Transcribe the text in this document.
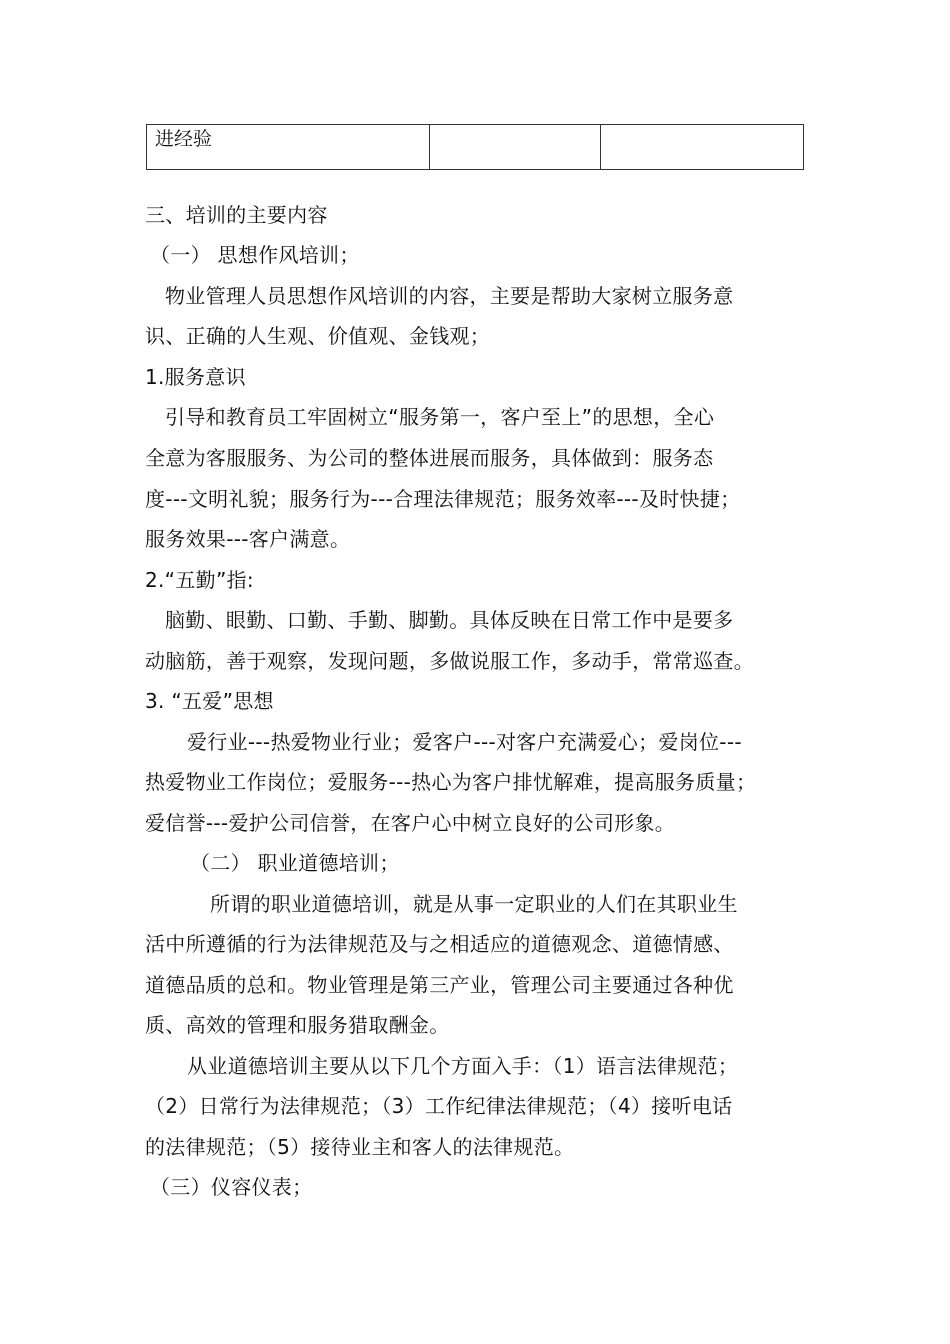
进经验		
三、培训的主要内容
（一） 思想作风培训；
物业管理人员思想作风培训的内容，主要是帮助大家树立服务意
识、正确的人生观、价值观、金钱观；
1.服务意识
引导和教育员工牢固树立“服务第一，客户至上”的思想，全心
全意为客服服务、为公司的整体进展而服务，具体做到：服务态
度---文明礼貌；服务行为---合理法律规范；服务效率---及时快捷；
服务效果---客户满意。
2.“五勤”指:
脑勤、眼勤、口勤、手勤、脚勤。具体反映在日常工作中是要多
动脑筋，善于观察，发现问题，多做说服工作，多动手，常常巡查。
3. “五爱”思想
爱行业---热爱物业行业；爱客户---对客户充满爱心；爱岗位---
热爱物业工作岗位；爱服务---热心为客户排忧解难，提高服务质量；
爱信誉---爱护公司信誉，在客户心中树立良好的公司形象。
（二） 职业道德培训；
所谓的职业道德培训，就是从事一定职业的人们在其职业生
活中所遵循的行为法律规范及与之相适应的道德观念、道德情感、
道德品质的总和。物业管理是第三产业，管理公司主要通过各种优
质、高效的管理和服务猎取酬金。
从业道德培训主要从以下几个方面入手：（1）语言法律规范；
（2）日常行为法律规范；（3）工作纪律法律规范；（4）接听电话
的法律规范；（5）接待业主和客人的法律规范。
（三）仪容仪表；
